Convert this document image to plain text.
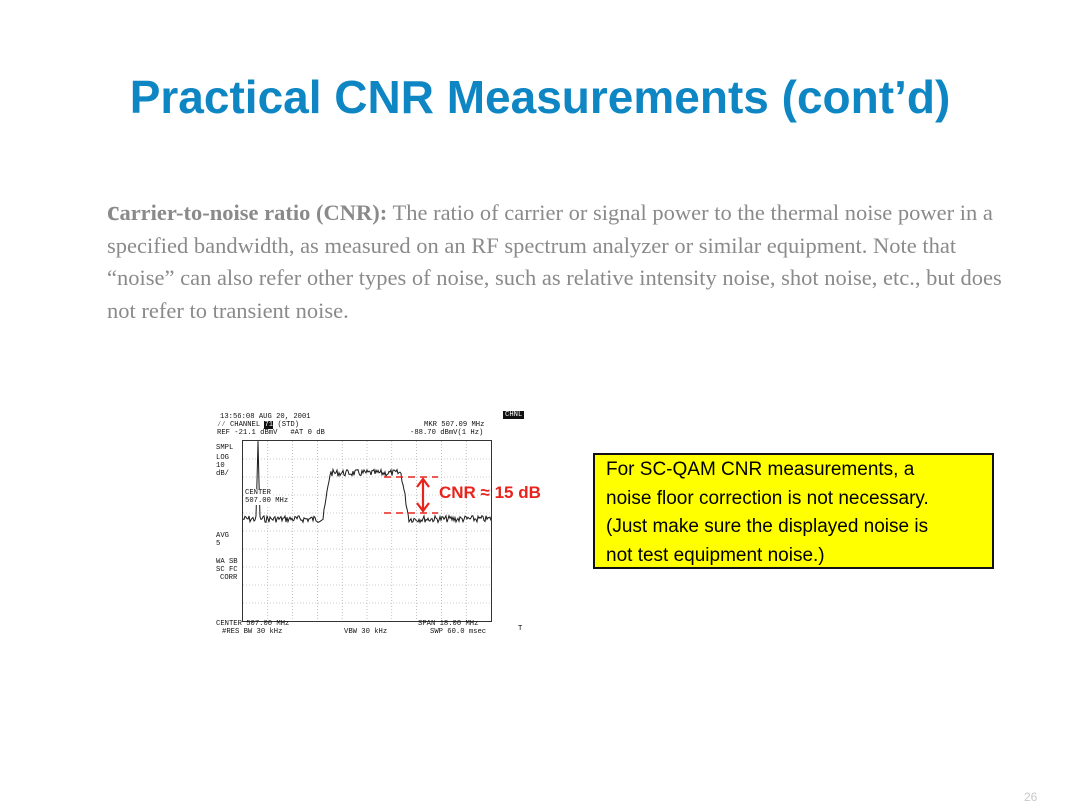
Practical CNR Measurements (cont’d)
carrier-to-noise ratio (CNR): The ratio of carrier or signal power to the thermal noise power in a specified bandwidth, as measured on an RF spectrum analyzer or similar equipment. Note that “noise” can also refer other types of noise, such as relative intensity noise, shot noise, etc., but does not refer to transient noise.
13:56:08 AUG 20, 2001
∕∕ CHANNEL 71 (STD)
REF -21.1 dBmV   #AT 0 dB
MKR 507.09 MHz
-88.70 dBmV(1 Hz)
CHNL
SMPL
LOG
10
dB/
AVG
5
WA SB
SC FC
CORR
CENTER
507.00 MHz
CENTER 507.00 MHz
#RES BW 30 kHz	VBW 30 kHz
SPAN 18.00 MHz
SWP 60.0 msec	T
CNR ≈ 15 dB
For SC-QAM CNR measurements, a
noise floor correction is not necessary.
(Just make sure the displayed noise is
not test equipment noise.)
26
